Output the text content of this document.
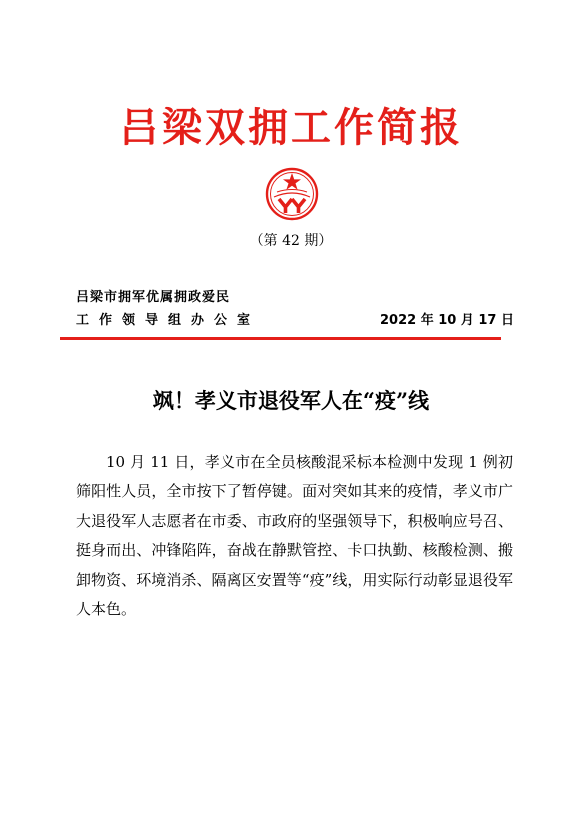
吕梁双拥工作简报
（第 42 期）
吕梁市拥军优属拥政爱民
工作领导组办公室	2022 年 10 月 17 日
飒！孝义市退役军人在“疫”线

10 月 11 日，孝义市在全员核酸混采标本检测中发现 1 例初筛阳性人员，全市按下了暂停键。面对突如其来的疫情，孝义市广大退役军人志愿者在市委、市政府的坚强领导下，积极响应号召、挺身而出、冲锋陷阵，奋战在静默管控、卡口执勤、核酸检测、搬卸物资、环境消杀、隔离区安置等“疫”线，用实际行动彰显退役军人本色。
